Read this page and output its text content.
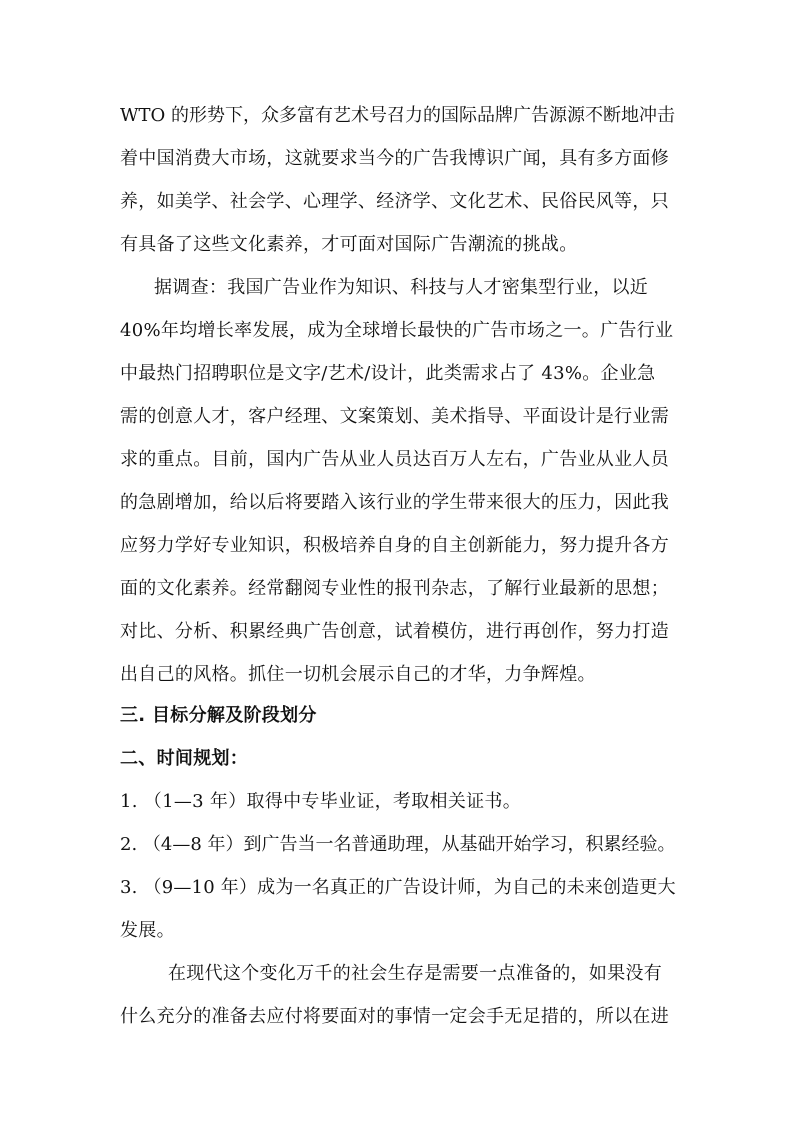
WTO 的形势下，众多富有艺术号召力的国际品牌广告源源不断地冲击
着中国消费大市场，这就要求当今的广告我博识广闻，具有多方面修
养，如美学、社会学、心理学、经济学、文化艺术、民俗民风等，只
有具备了这些文化素养，才可面对国际广告潮流的挑战。
据调查：我国广告业作为知识、科技与人才密集型行业，以近
40%年均增长率发展，成为全球增长最快的广告市场之一。广告行业
中最热门招聘职位是文字/艺术/设计，此类需求占了 43%。企业急
需的创意人才，客户经理、文案策划、美术指导、平面设计是行业需
求的重点。目前，国内广告从业人员达百万人左右，广告业从业人员
的急剧增加，给以后将要踏入该行业的学生带来很大的压力，因此我
应努力学好专业知识，积极培养自身的自主创新能力，努力提升各方
面的文化素养。经常翻阅专业性的报刊杂志，了解行业最新的思想；
对比、分析、积累经典广告创意，试着模仿，进行再创作，努力打造
出自己的风格。抓住一切机会展示自己的才华，力争辉煌。
三. 目标分解及阶段划分
二、时间规划：
1. （1—3 年）取得中专毕业证，考取相关证书。
2. （4—8 年）到广告当一名普通助理，从基础开始学习，积累经验。
3. （9—10 年）成为一名真正的广告设计师，为自己的未来创造更大
发展。
在现代这个变化万千的社会生存是需要一点准备的，如果没有
什么充分的准备去应付将要面对的事情一定会手无足措的，所以在进
